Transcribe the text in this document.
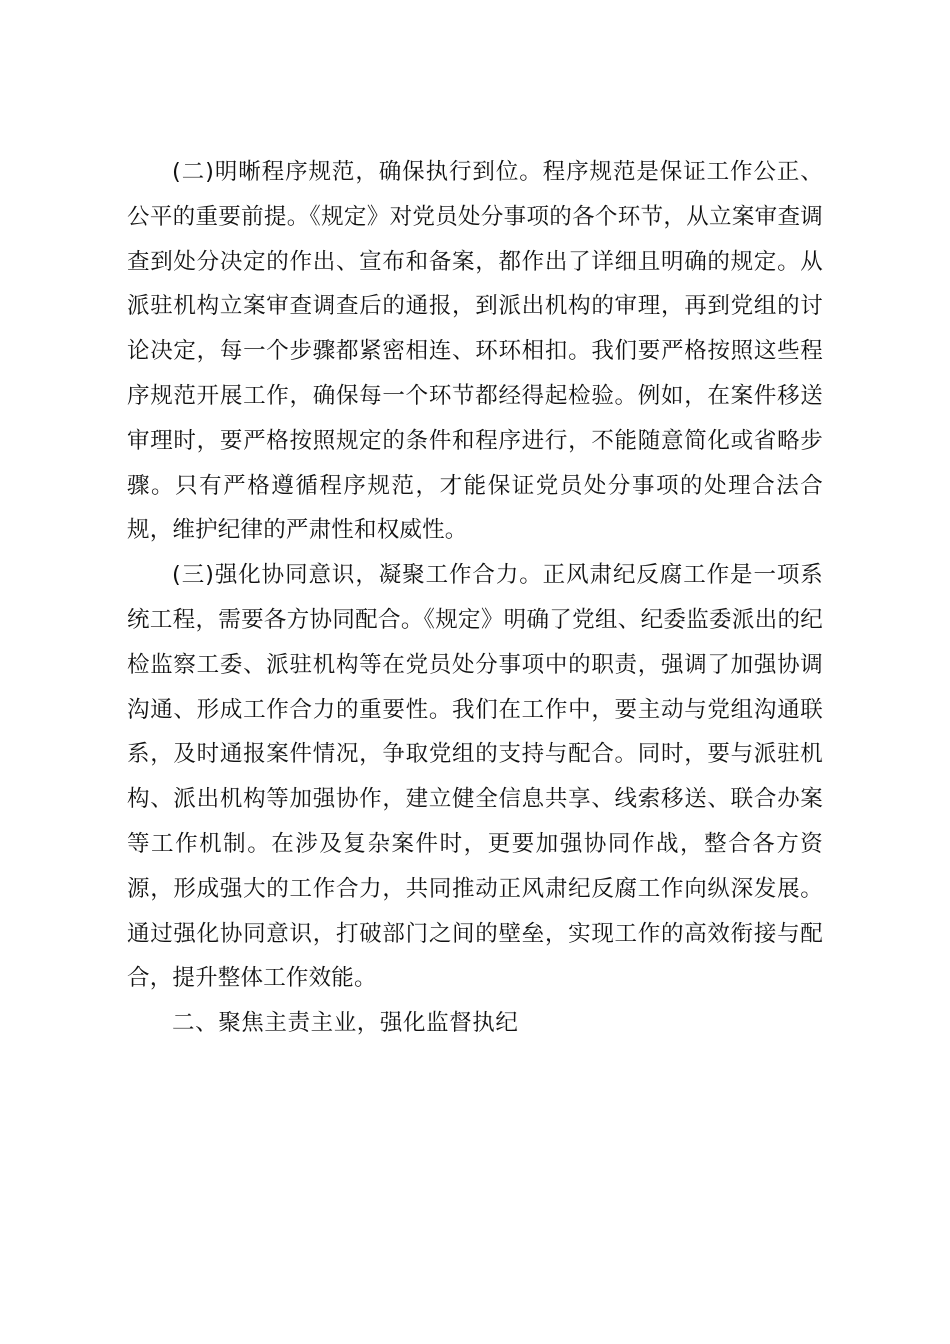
(二)明晰程序规范，确保执行到位。程序规范是保证工作公正、公平的重要前提。《规定》对党员处分事项的各个环节，从立案审查调查到处分决定的作出、宣布和备案，都作出了详细且明确的规定。从派驻机构立案审查调查后的通报，到派出机构的审理，再到党组的讨论决定，每一个步骤都紧密相连、环环相扣。我们要严格按照这些程序规范开展工作，确保每一个环节都经得起检验。例如，在案件移送审理时，要严格按照规定的条件和程序进行，不能随意简化或省略步骤。只有严格遵循程序规范，才能保证党员处分事项的处理合法合规，维护纪律的严肃性和权威性。

(三)强化协同意识，凝聚工作合力。正风肃纪反腐工作是一项系统工程，需要各方协同配合。《规定》明确了党组、纪委监委派出的纪检监察工委、派驻机构等在党员处分事项中的职责，强调了加强协调沟通、形成工作合力的重要性。我们在工作中，要主动与党组沟通联系，及时通报案件情况，争取党组的支持与配合。同时，要与派驻机构、派出机构等加强协作，建立健全信息共享、线索移送、联合办案等工作机制。在涉及复杂案件时，更要加强协同作战，整合各方资源，形成强大的工作合力，共同推动正风肃纪反腐工作向纵深发展。通过强化协同意识，打破部门之间的壁垒，实现工作的高效衔接与配合，提升整体工作效能。

二、聚焦主责主业，强化监督执纪
